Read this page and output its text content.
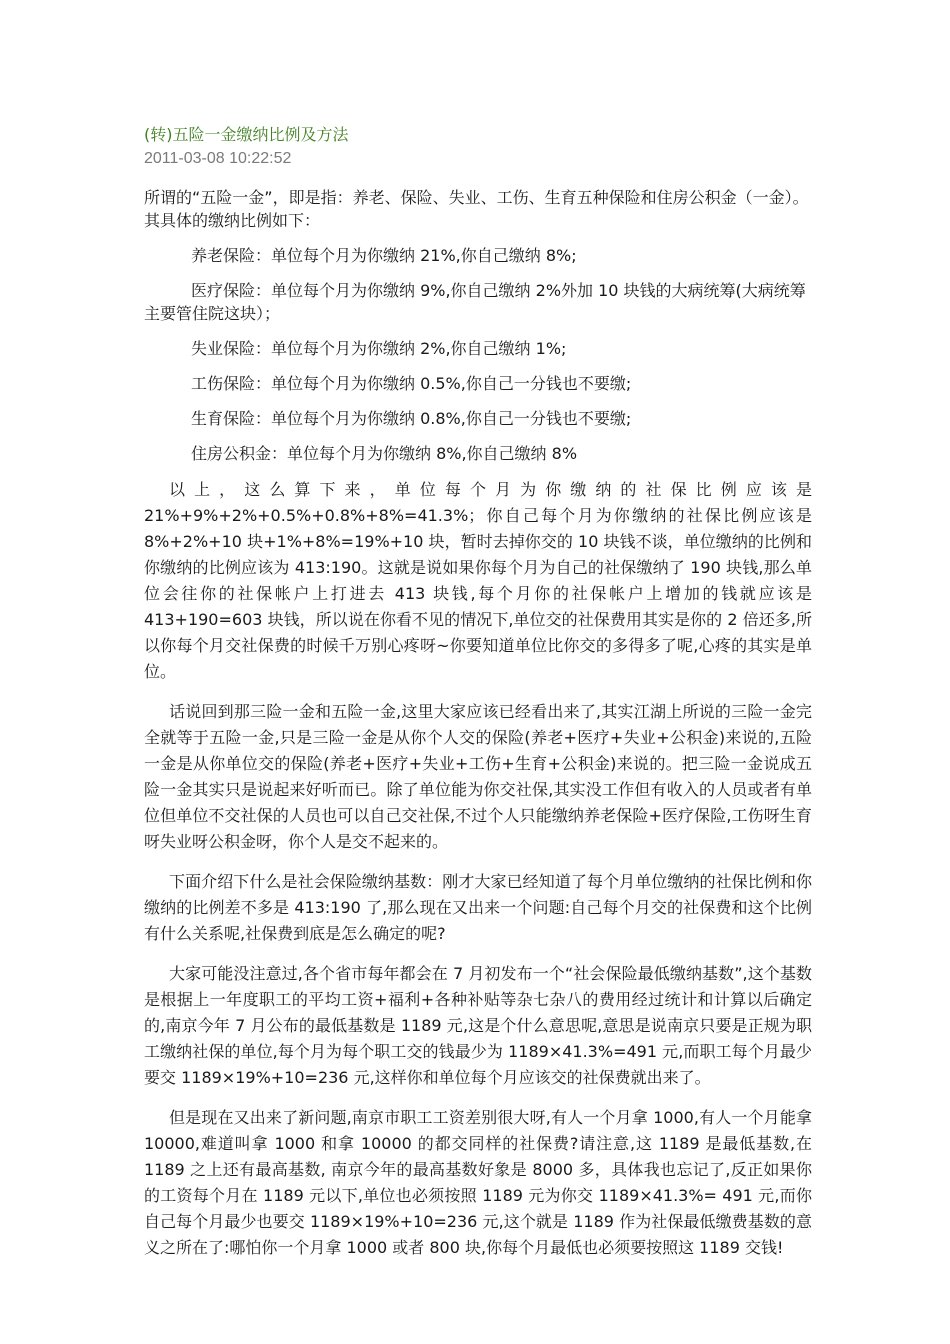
(转)五险一金缴纳比例及方法

2011-03-08 10:22:52

所谓的“五险一金”，即是指：养老、保险、失业、工伤、生育五种保险和住房公积金（一金）。其具体的缴纳比例如下：

养老保险：单位每个月为你缴纳 21%,你自己缴纳 8%;

医疗保险：单位每个月为你缴纳 9%,你自己缴纳 2%外加 10 块钱的大病统筹(大病统筹主要管住院这块）；

失业保险：单位每个月为你缴纳 2%,你自己缴纳 1%;

工伤保险：单位每个月为你缴纳 0.5%,你自己一分钱也不要缴;

生育保险：单位每个月为你缴纳 0.8%,你自己一分钱也不要缴;

住房公积金：单位每个月为你缴纳 8%,你自己缴纳 8%

以上，这么算下来，单位每个月为你缴纳的社保比例应该是 21%+9%+2%+0.5%+0.8%+8%=41.3%；你自己每个月为你缴纳的社保比例应该是 8%+2%+10 块+1%+8%=19%+10 块，暂时去掉你交的 10 块钱不谈，单位缴纳的比例和你缴纳的比例应该为 413:190。这就是说如果你每个月为自己的社保缴纳了 190 块钱,那么单位会往你的社保帐户上打进去 413 块钱,每个月你的社保帐户上增加的钱就应该是 413+190=603 块钱，所以说在你看不见的情况下,单位交的社保费用其实是你的 2 倍还多,所以你每个月交社保费的时候千万别心疼呀~你要知道单位比你交的多得多了呢,心疼的其实是单位。

话说回到那三险一金和五险一金,这里大家应该已经看出来了,其实江湖上所说的三险一金完全就等于五险一金,只是三险一金是从你个人交的保险(养老+医疗+失业+公积金)来说的,五险一金是从你单位交的保险(养老+医疗+失业+工伤+生育+公积金)来说的。把三险一金说成五险一金其实只是说起来好听而已。除了单位能为你交社保,其实没工作但有收入的人员或者有单位但单位不交社保的人员也可以自己交社保,不过个人只能缴纳养老保险+医疗保险,工伤呀生育呀失业呀公积金呀，你个人是交不起来的。

下面介绍下什么是社会保险缴纳基数：刚才大家已经知道了每个月单位缴纳的社保比例和你缴纳的比例差不多是 413:190 了,那么现在又出来一个问题:自己每个月交的社保费和这个比例有什么关系呢,社保费到底是怎么确定的呢?

大家可能没注意过,各个省市每年都会在 7 月初发布一个“社会保险最低缴纳基数”,这个基数是根据上一年度职工的平均工资+福利+各种补贴等杂七杂八的费用经过统计和计算以后确定的,南京今年 7 月公布的最低基数是 1189 元,这是个什么意思呢,意思是说南京只要是正规为职工缴纳社保的单位,每个月为每个职工交的钱最少为 1189×41.3%=491 元,而职工每个月最少要交 1189×19%+10=236 元,这样你和单位每个月应该交的社保费就出来了。

但是现在又出来了新问题,南京市职工工资差别很大呀,有人一个月拿 1000,有人一个月能拿 10000,难道叫拿 1000 和拿 10000 的都交同样的社保费?请注意,这 1189 是最低基数,在 1189 之上还有最高基数, 南京今年的最高基数好象是 8000 多，具体我也忘记了,反正如果你的工资每个月在 1189 元以下,单位也必须按照 1189 元为你交 1189×41.3%= 491 元,而你自己每个月最少也要交 1189×19%+10=236 元,这个就是 1189 作为社保最低缴费基数的意义之所在了:哪怕你一个月拿 1000 或者 800 块,你每个月最低也必须要按照这 1189 交钱!
